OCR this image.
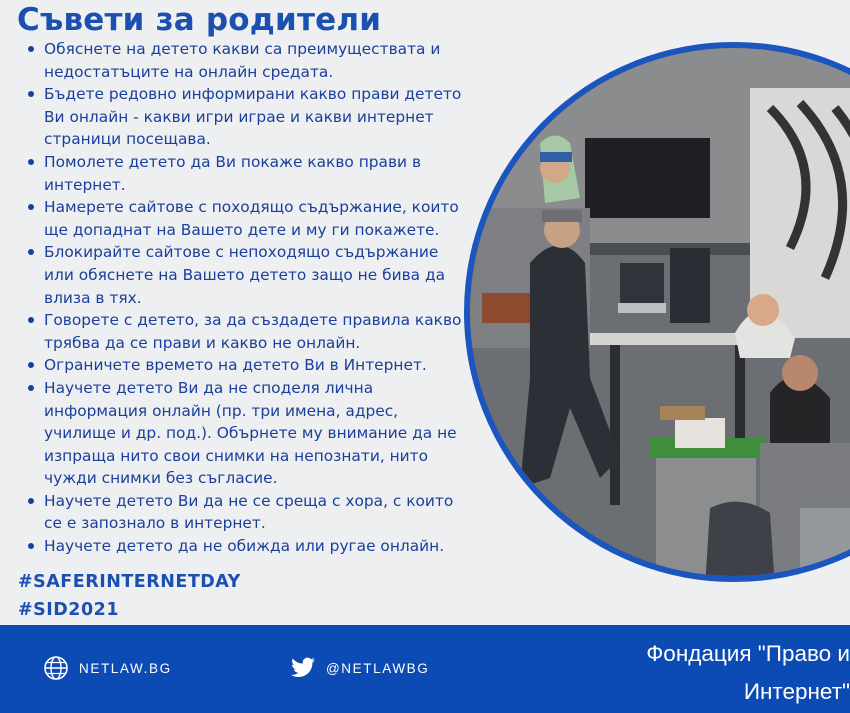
Съвети за родители
Обяснете на детето какви са преимуществата и недостатъците на онлайн средата.
Бъдете редовно информирани какво прави детето Ви онлайн - какви игри играе и какви интернет страници посещава.
Помолете детето да Ви покаже какво прави в интернет.
Намерете сайтове с походящо съдържание, които ще допаднат на Вашето дете и му ги покажете.
Блокирайте сайтове с непоходящо съдържание или обяснете на Вашето детето защо не бива да влиза в тях.
Говорете с детето, за да създадете правила какво трябва да се прави и какво не онлайн.
Ограничете времето на детето Ви в Интернет.
Научете детето Ви да не споделя лична информация онлайн (пр. три имена, адрес, училище и др. под.). Обърнете му внимание да не изпраща нито свои снимки на непознати, нито чужди снимки без съгласие.
Научете детето Ви да не се среща с хора, с които се е запознало в интернет.
Научете детето да не обижда или ругае онлайн.
#SAFERINTERNETDAY
#SID2021
NETLAW.BG	@NETLAWBG
Фондация "Право и
Интернет"
